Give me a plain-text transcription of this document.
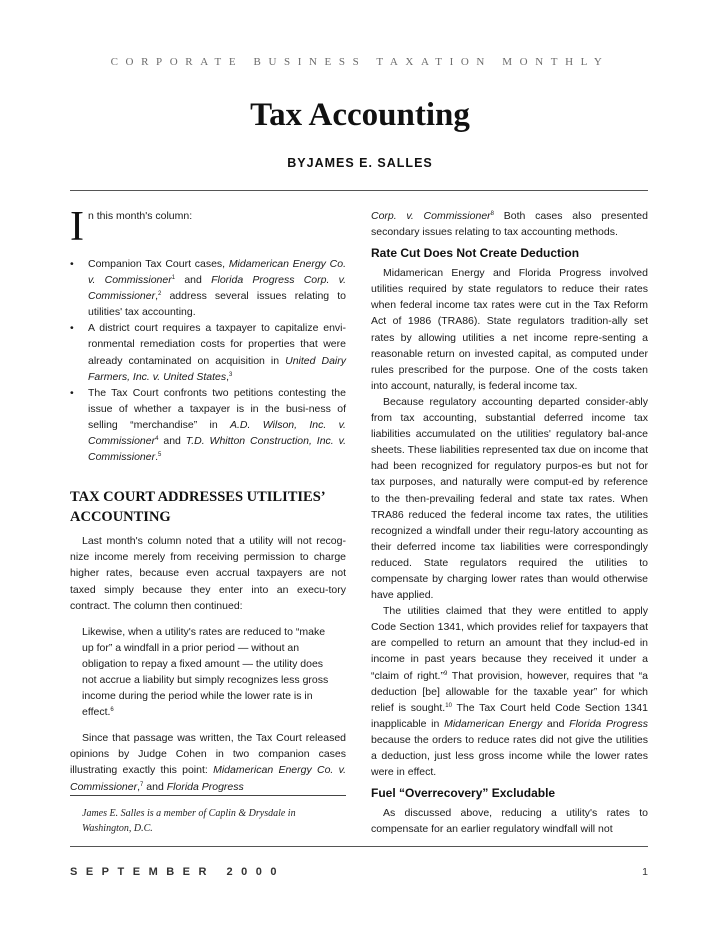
CORPORATE BUSINESS TAXATION MONTHLY
Tax Accounting
BYJAMES E. SALLES
I n this month's column:
• Companion Tax Court cases, Midamerican Energy Co. v. Commissioner$^1$ and Florida Progress Corp. v. Commissioner,$^2$ address several issues relating to utilities' tax accounting.
• A district court requires a taxpayer to capitalize envi-ronmental remediation costs for properties that were already contaminated on acquisition in United Dairy Farmers, Inc. v. United States,$^3$
• The Tax Court confronts two petitions contesting the issue of whether a taxpayer is in the busi-ness of selling “merchandise” in A.D. Wilson, Inc. v. Commissioner$^4$ and T.D. Whitton Construction, Inc. v. Commissioner.$^5$
TAX COURT ADDRESSES UTILITIES’ ACCOUNTING

Last month's column noted that a utility will not recog-nize income merely from receiving permission to charge higher rates, because even accrual taxpayers are not taxed simply because they enter into an execu-tory contract. The column then continued:

Likewise, when a utility's rates are reduced to “make up for” a windfall in a prior period — without an obligation to repay a fixed amount — the utility does not accrue a liability but simply recognizes less gross income during the period while the lower rate is in effect.$^6$

Since that passage was written, the Tax Court released opinions by Judge Cohen in two companion cases illustrating exactly this point: Midamerican Energy Co. v. Commissioner,$^7$ and Florida Progress

James E. Salles is a member of Caplin & Drysdale in Washington, D.C.

Corp. v. Commissioner$^8$ Both cases also presented secondary issues relating to tax accounting methods.

Rate Cut Does Not Create Deduction

Midamerican Energy and Florida Progress involved utilities required by state regulators to reduce their rates when federal income tax rates were cut in the Tax Reform Act of 1986 (TRA86). State regulators tradition-ally set rates by allowing utilities a net income repre-senting a reasonable return on invested capital, as computed under rules prescribed for the purpose. One of the costs taken into account, naturally, is federal income tax.

Because regulatory accounting departed consider-ably from tax accounting, substantial deferred income tax liabilities accumulated on the utilities' regulatory bal-ance sheets. These liabilities represented tax due on income that had been recognized for regulatory purpos-es but not for tax purposes, and naturally were comput-ed by reference to the then-prevailing federal and state tax rates. When TRA86 reduced the federal income tax rates, the utilities recognized a windfall under their regu-latory accounting as their deferred income tax liabilities were correspondingly reduced. State regulators required the utilities to compensate by charging lower rates than would otherwise have applied.

The utilities claimed that they were entitled to apply Code Section 1341, which provides relief for taxpayers that are compelled to return an amount that they includ-ed in income in past years because they received it under a “claim of right.”$^9$ That provision, however, requires that “a deduction [be] allowable for the taxable year” for which relief is sought.$^{10}$ The Tax Court held Code Section 1341 inapplicable in Midamerican Energy and Florida Progress because the orders to reduce rates did not give the utilities a deduction, just less gross income while the lower rates were in effect.

Fuel “Overrecovery” Excludable

As discussed above, reducing a utility's rates to compensate for an earlier regulatory windfall will not

SEPTEMBER 2000	1
